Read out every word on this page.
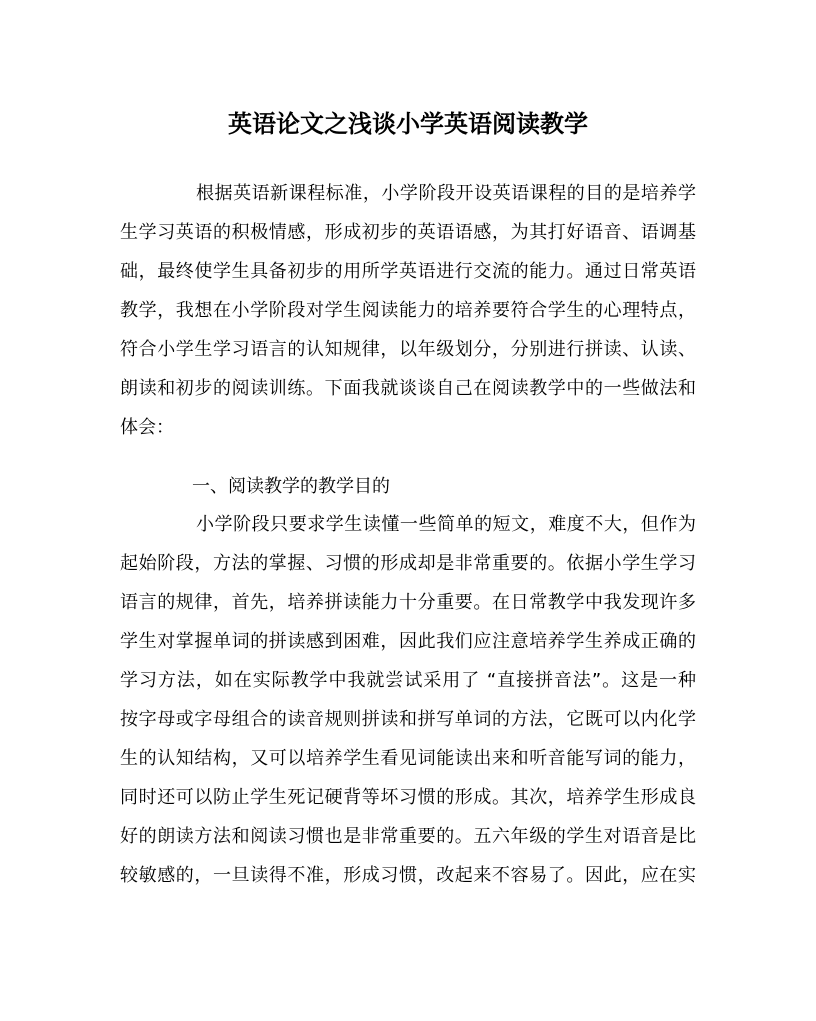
英语论文之浅谈小学英语阅读教学
根据英语新课程标准，小学阶段开设英语课程的目的是培养学
生学习英语的积极情感，形成初步的英语语感，为其打好语音、语调基
础，最终使学生具备初步的用所学英语进行交流的能力。通过日常英语
教学，我想在小学阶段对学生阅读能力的培养要符合学生的心理特点，
符合小学生学习语言的认知规律，以年级划分，分别进行拼读、认读、
朗读和初步的阅读训练。下面我就谈谈自己在阅读教学中的一些做法和
体会：
一、阅读教学的教学目的
小学阶段只要求学生读懂一些简单的短文，难度不大，但作为
起始阶段，方法的掌握、习惯的形成却是非常重要的。依据小学生学习
语言的规律，首先，培养拼读能力十分重要。在日常教学中我发现许多
学生对掌握单词的拼读感到困难，因此我们应注意培养学生养成正确的
学习方法，如在实际教学中我就尝试采用了 “直接拼音法”。这是一种
按字母或字母组合的读音规则拼读和拼写单词的方法，它既可以内化学
生的认知结构，又可以培养学生看见词能读出来和听音能写词的能力，
同时还可以防止学生死记硬背等坏习惯的形成。其次，培养学生形成良
好的朗读方法和阅读习惯也是非常重要的。五六年级的学生对语音是比
较敏感的，一旦读得不准，形成习惯，改起来不容易了。因此，应在实
